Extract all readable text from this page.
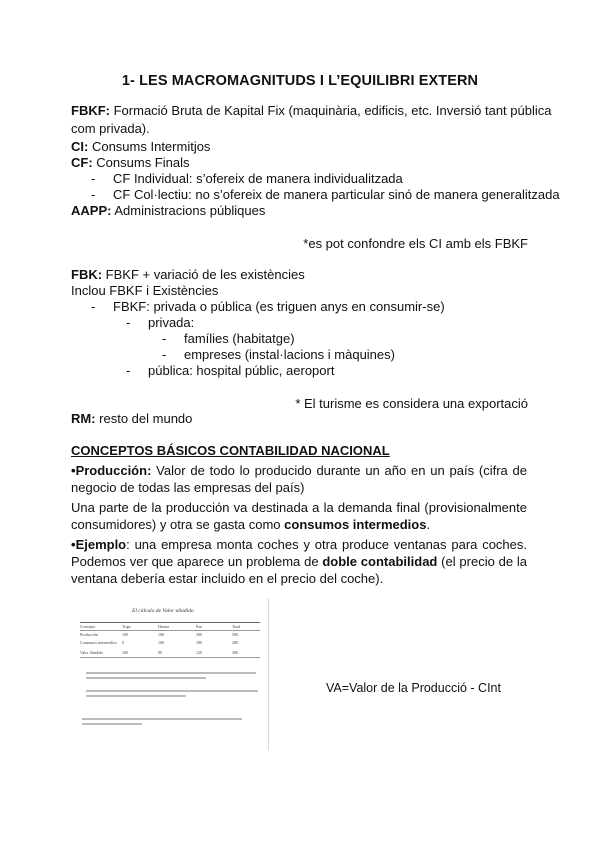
1- LES MACROMAGNITUDS I L’EQUILIBRI EXTERN
FBKF: Formació Bruta de Kapital Fix (maquinària, edificis, etc. Inversió tant pública
com privada).
CI: Consums Intermitjos
CF: Consums Finals
- CF Individual: s’ofereix de manera individualitzada
- CF Col·lectiu: no s’ofereix de manera particular sinó de manera generalitzada
AAPP: Administracions públiques
*es pot confondre els CI amb els FBKF
FBK: FBKF + variació de les existències
Inclou FBKF i Existències
- FBKF: privada o pública (es triguen anys en consumir-se)
- privada:
- famílies (habitatge)
- empreses (instal·lacions i màquines)
- pública: hospital públic, aeroport
* El turisme es considera una exportació
RM: resto del mundo
CONCEPTOS BÁSICOS CONTABILIDAD NACIONAL
•Producción: Valor de todo lo producido durante un año en un país (cifra de negocio de todas las empresas del país)
Una parte de la producción va destinada a la demanda final (provisionalmente consumidores) y otra se gasta como consumos intermedios.
•Ejemplo: una empresa monta coches y otra produce ventanas para coches. Podemos ver que aparece un problema de doble contabilidad (el precio de la ventana debería estar incluido en el precio del coche).
El cálculo de Valor añadido
Concepto	Trigo	Harina	Pan	Total
Producción	100	180	300	580
Consumos intermedios 0	100	180	280
Valor Añadido	100	80	120	300
VA=Valor de la Producció - CInt
